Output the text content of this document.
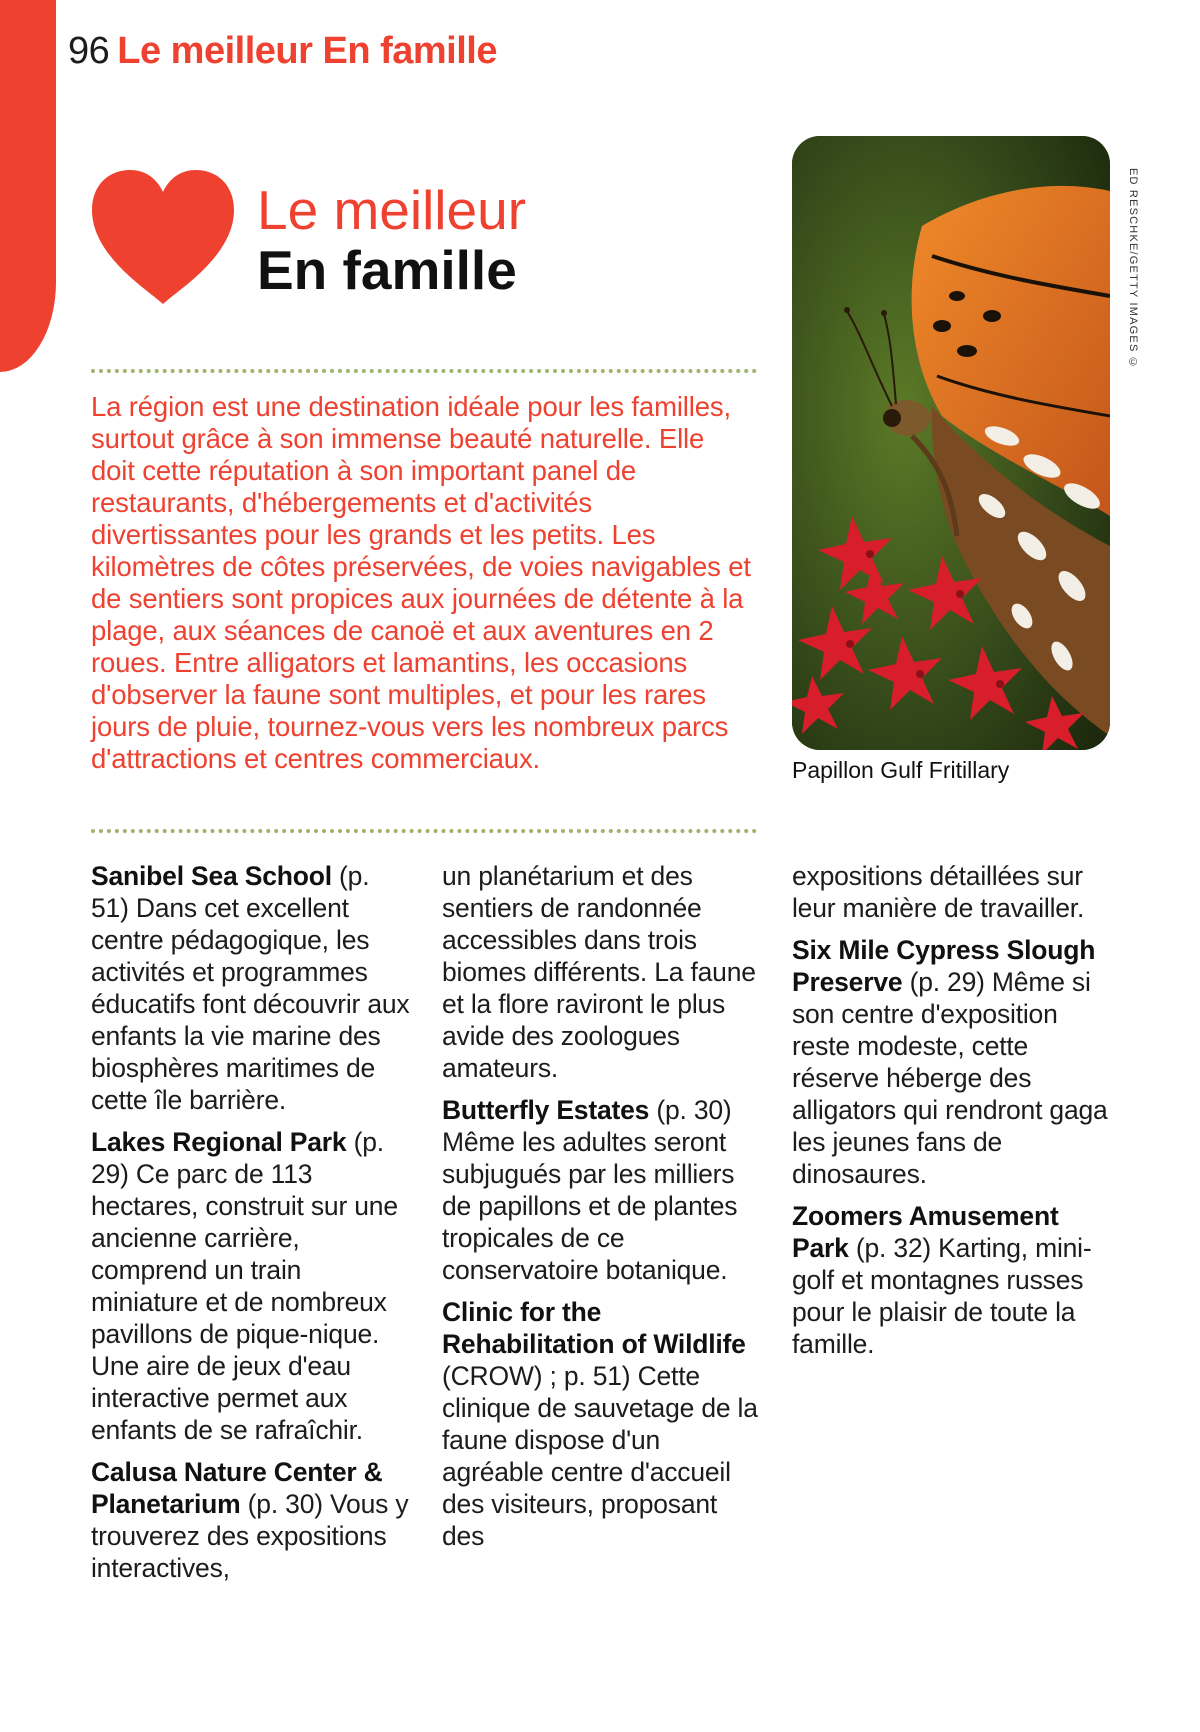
96 Le meilleur En famille
Le meilleur
En famille
La région est une destination idéale pour les familles, surtout grâce à son immense beauté naturelle. Elle doit cette réputation à son important panel de restaurants, d'hébergements et d'activités divertissantes pour les grands et les petits. Les kilomètres de côtes préservées, de voies navigables et de sentiers sont propices aux journées de détente à la plage, aux séances de canoë et aux aventures en 2 roues. Entre alligators et lamantins, les occasions d'observer la faune sont multiples, et pour les rares jours de pluie, tournez-vous vers les nombreux parcs d'attractions et centres commerciaux.
ED RESCHKE/GETTY IMAGES ©
Papillon Gulf Fritillary

Sanibel Sea School (p. 51) Dans cet excellent centre pédagogique, les activités et programmes éducatifs font découvrir aux enfants la vie marine des biosphères maritimes de cette île barrière.

Lakes Regional Park (p. 29) Ce parc de 113 hectares, construit sur une ancienne carrière, comprend un train miniature et de nombreux pavillons de pique-nique. Une aire de jeux d'eau interactive permet aux enfants de se rafraîchir.

Calusa Nature Center & Planetarium (p. 30) Vous y trouverez des expositions interactives,

un planétarium et des sentiers de randonnée accessibles dans trois biomes différents. La faune et la flore raviront le plus avide des zoologues amateurs.

Butterfly Estates (p. 30) Même les adultes seront subjugués par les milliers de papillons et de plantes tropicales de ce conservatoire botanique.

Clinic for the Rehabilitation of Wildlife (CROW) ; p. 51) Cette clinique de sauvetage de la faune dispose d'un agréable centre d'accueil des visiteurs, proposant des

expositions détaillées sur leur manière de travailler.

Six Mile Cypress Slough Preserve (p. 29) Même si son centre d'exposition reste modeste, cette réserve héberge des alligators qui rendront gaga les jeunes fans de dinosaures.

Zoomers Amusement Park (p. 32) Karting, mini-golf et montagnes russes pour le plaisir de toute la famille.
